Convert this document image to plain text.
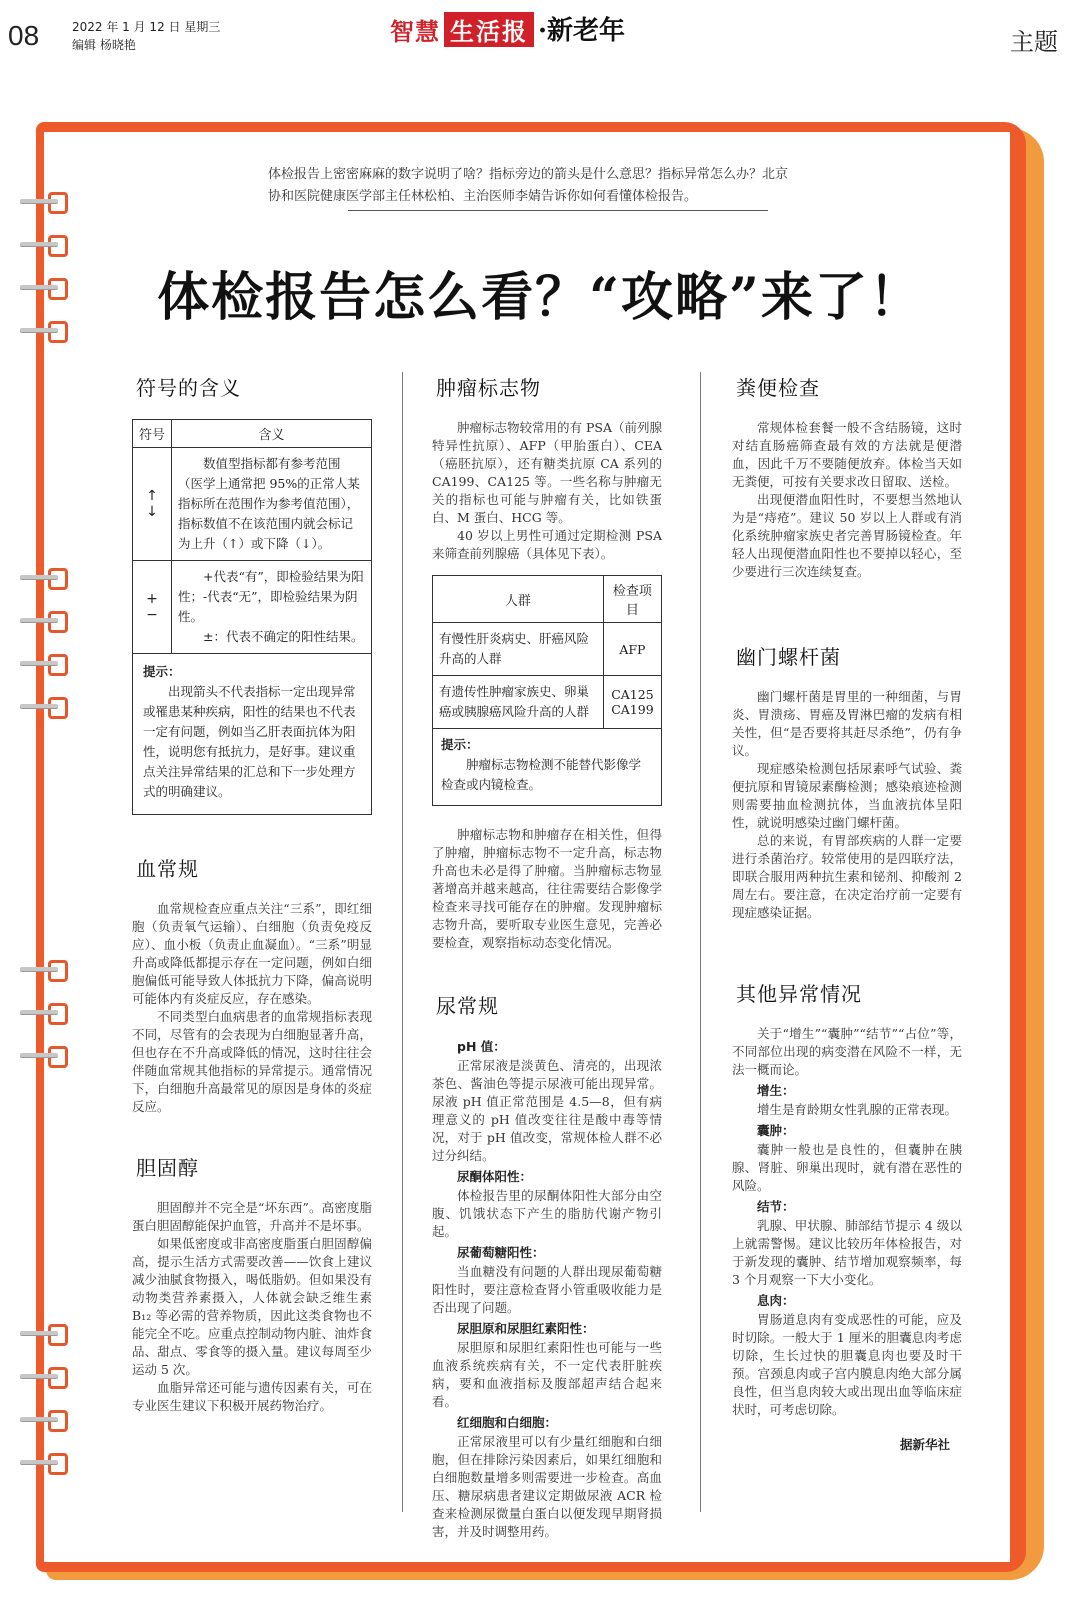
08	2022 年 1 月 12 日 星期三
编辑 杨晓艳	智慧 生活报 ·新老年	主题
体检报告上密密麻麻的数字说明了啥？指标旁边的箭头是什么意思？指标异常怎么办？北京协和医院健康医学部主任林松柏、主治医师李婧告诉你如何看懂体检报告。
体检报告怎么看？“攻略”来了！
符号的含义
符号	含义
↑ ↓	数值型指标都有参考范围（医学上通常把 95%的正常人某指标所在范围作为参考值范围），指标数值不在该范围内就会标记为上升（↑）或下降（↓）。
+ −	+代表“有”，即检验结果为阳性；-代表“无”，即检验结果为阴性。
±：代表不确定的阳性结果。

提示：

出现箭头不代表指标一定出现异常或罹患某种疾病，阳性的结果也不代表一定有问题，例如当乙肝表面抗体为阳性，说明您有抵抗力，是好事。建议重点关注异常结果的汇总和下一步处理方式的明确建议。	

血常规

血常规检查应重点关注“三系”，即红细胞（负责氧气运输）、白细胞（负责免疫反应）、血小板（负责止血凝血）。“三系”明显升高或降低都提示存在一定问题，例如白细胞偏低可能导致人体抵抗力下降，偏高说明可能体内有炎症反应，存在感染。

不同类型白血病患者的血常规指标表现不同，尽管有的会表现为白细胞显著升高，但也存在不升高或降低的情况，这时往往会伴随血常规其他指标的异常提示。通常情况下，白细胞升高最常见的原因是身体的炎症反应。

胆固醇

胆固醇并不完全是“坏东西”。高密度脂蛋白胆固醇能保护血管，升高并不是坏事。

如果低密度或非高密度脂蛋白胆固醇偏高，提示生活方式需要改善——饮食上建议减少油腻食物摄入，喝低脂奶。但如果没有动物类营养素摄入，人体就会缺乏维生素 B₁₂ 等必需的营养物质，因此这类食物也不能完全不吃。应重点控制动物内脏、油炸食品、甜点、零食等的摄入量。建议每周至少运动 5 次。

血脂异常还可能与遗传因素有关，可在专业医生建议下积极开展药物治疗。

肿瘤标志物

肿瘤标志物较常用的有 PSA（前列腺特异性抗原）、AFP（甲胎蛋白）、CEA（癌胚抗原），还有糖类抗原 CA 系列的 CA199、CA125 等。一些名称与肿瘤无关的指标也可能与肿瘤有关，比如铁蛋白、M 蛋白、HCG 等。

40 岁以上男性可通过定期检测 PSA 来筛查前列腺癌（具体见下表）。

人群	检查项目
有慢性肝炎病史、肝癌风险升高的人群	AFP
有遗传性肿瘤家族史、卵巢癌或胰腺癌风险升高的人群	CA125
CA199

提示：

肿瘤标志物检测不能替代影像学检查或内镜检查。	

肿瘤标志物和肿瘤存在相关性，但得了肿瘤，肿瘤标志物不一定升高，标志物升高也未必是得了肿瘤。当肿瘤标志物显著增高并越来越高，往往需要结合影像学检查来寻找可能存在的肿瘤。发现肿瘤标志物升高，要听取专业医生意见，完善必要检查，观察指标动态变化情况。

尿常规
pH 值：

正常尿液是淡黄色、清亮的，出现浓茶色、酱油色等提示尿液可能出现异常。尿液 pH 值正常范围是 4.5—8，但有病理意义的 pH 值改变往往是酸中毒等情况，对于 pH 值改变，常规体检人群不必过分纠结。

尿酮体阳性：

体检报告里的尿酮体阳性大部分由空腹、饥饿状态下产生的脂肪代谢产物引起。

尿葡萄糖阳性：

当血糖没有问题的人群出现尿葡萄糖阳性时，要注意检查肾小管重吸收能力是否出现了问题。

尿胆原和尿胆红素阳性：

尿胆原和尿胆红素阳性也可能与一些血液系统疾病有关，不一定代表肝脏疾病，要和血液指标及腹部超声结合起来看。

红细胞和白细胞：

正常尿液里可以有少量红细胞和白细胞，但在排除污染因素后，如果红细胞和白细胞数量增多则需要进一步检查。高血压、糖尿病患者建议定期做尿液 ACR 检查来检测尿微量白蛋白以便发现早期肾损害，并及时调整用药。

粪便检查

常规体检套餐一般不含结肠镜，这时对结直肠癌筛查最有效的方法就是便潜血，因此千万不要随便放弃。体检当天如无粪便，可按有关要求改日留取、送检。

出现便潜血阳性时，不要想当然地认为是“痔疮”。建议 50 岁以上人群或有消化系统肿瘤家族史者完善胃肠镜检查。年轻人出现便潜血阳性也不要掉以轻心，至少要进行三次连续复查。

幽门螺杆菌

幽门螺杆菌是胃里的一种细菌，与胃炎、胃溃疡、胃癌及胃淋巴瘤的发病有相关性，但“是否要将其赶尽杀绝”，仍有争议。

现症感染检测包括尿素呼气试验、粪便抗原和胃镜尿素酶检测；感染痕迹检测则需要抽血检测抗体，当血液抗体呈阳性，就说明感染过幽门螺杆菌。

总的来说，有胃部疾病的人群一定要进行杀菌治疗。较常使用的是四联疗法，即联合服用两种抗生素和铋剂、抑酸剂 2 周左右。要注意，在决定治疗前一定要有现症感染证据。

其他异常情况

关于“增生”“囊肿”“结节”“占位”等，不同部位出现的病变潜在风险不一样，无法一概而论。

增生：

增生是育龄期女性乳腺的正常表现。

囊肿：

囊肿一般也是良性的，但囊肿在胰腺、肾脏、卵巢出现时，就有潜在恶性的风险。

结节：

乳腺、甲状腺、肺部结节提示 4 级以上就需警惕。建议比较历年体检报告，对于新发现的囊肿、结节增加观察频率，每 3 个月观察一下大小变化。

息肉：

胃肠道息肉有变成恶性的可能，应及时切除。一般大于 1 厘米的胆囊息肉考虑切除，生长过快的胆囊息肉也要及时干预。宫颈息肉或子宫内膜息肉绝大部分属良性，但当息肉较大或出现出血等临床症状时，可考虑切除。

据新华社
